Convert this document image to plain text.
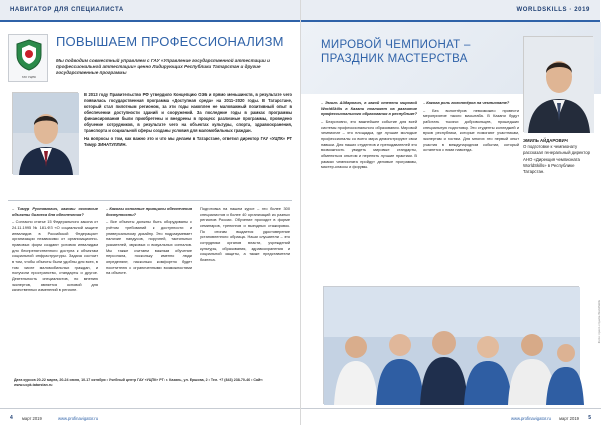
НАВИГАТОР ДЛЯ СПЕЦИАЛИСТА
ГАУ УЦПК
ПОВЫШАЕМ ПРОФЕССИОНАЛИЗМ
Мы подводим совместный управляем с ГАУ «Управление государственной аттестации и профессиональной аттестации» ценно Лидирующих Республики Татарстан и другие государственные программы

В 2013 году Правительство РФ утвердило Концепцию ОЭБ и прямо меньшинств, в результате чего появилась государственная программа «Доступная среда» на 2011–2020 годы. В Татарстане, который стал пилотным регионом, за эти годы накоплен не маловажный позитивный опыт в обеспечении доступности зданий и сооружений. За последние годы в рамках программы финансирования были приобретены и внедрены в процесс различные программы, проведено обучение сотрудников, в результате чего на объектах культуры, спорта, здравоохранения, транспорта и социальной сферы созданы условия для маломобильных граждан.

На вопросы о том, как важно это и что мы делаем в Татарстане, ответил директор ГАУ «УЦПК» РТ Тимур ЗИНАТУЛЛИН.

– Тимур Рустамович, каковы основные объекты бизнеса для обеспечения?
– Согласно статье 15 Федерального закона от 24.11.1995 № 181-ФЗ «О социальной защите инвалидов в Российской Федерации» организации независимо от организационно-правовых форм создают условия инвалидам для беспрепятственного доступа к объектам социальной инфраструктуры. Задача состоит в том, чтобы объекты были удобны для всех, в том числе маломобильных граждан, и получили пространство, стандарты и другое. Деятельность специалистов, по мнению экспертов, является основой для качественных изменений в регионе.
– Каковы основные принципы обеспечения доступности?
– Все объекты должны быть оборудованы с учётом требований к доступности и универсальному дизайну. Это подразумевает наличие пандусов, поручней, тактильных указателей, звуковых и визуальных сигналов. Мы также считаем важным обучение персонала, поскольку именно люди определяют, насколько комфортно будет посетителю с ограниченными возможностями на объекте.
Подготовка на нашем курсе – это более 300 специалистов и более 40 организаций из разных регионов России. Обучение проходит в форме семинаров, тренингов и выездных стажировок. По итогам выдается удостоверение установленного образца. Наши слушатели – это сотрудники органов власти, учреждений культуры, образования, здравоохранения и социальной защиты, а также представители бизнеса.
Дата курсов 20-22 марта, 20-24 июня, 10-17 октября • Учебный центр ГАУ «УЦПК» РТ: г. Казань, ул. Ершова, 2 • Тел. +7 (843) 238-70-46 • Сайт: www.ucpk.tatarstan.ru
4 март 2019	www.profinavigator.ru
WORLDSKILLS · 2019
МИРОВОЙ ЧЕМПИОНАТ –
ПРАЗДНИК МАСТЕРСТВА
– Эмиль Айдарович, в какой степени мировой WorldSkills в Казани повлияет на развитие профессионального образования в республике?
– Безусловно, это важнейшее событие для всей системы профессионального образования. Мировой чемпионат – это площадка, где лучшие молодые профессионалы со всего мира демонстрируют свои навыки. Для наших студентов и преподавателей это возможность увидеть мировые стандарты, обменяться опытом и перенять лучшие практики. В рамках чемпионата пройдут деловые программы, мастер-классы и форумы.
– Какова роль волонтёров на чемпионате?
– Без волонтёров невозможно провести мероприятие такого масштаба. В Казани будут работать тысячи добровольцев, прошедших специальную подготовку. Это студенты колледжей и вузов республики, которые помогают участникам, экспертам и гостям. Для многих это первый опыт участия в международном событии, который останется с ними навсегда.
ЭМИЛЬ АЙДАРОВИЧ
О подготовке к чемпионату рассказал генеральный директор АНО «Дирекция чемпионата WorldSkills» в Республике Татарстан.
Фото: пресс-служба WorldSkills
www.profinavigator.ru март 2019 5
